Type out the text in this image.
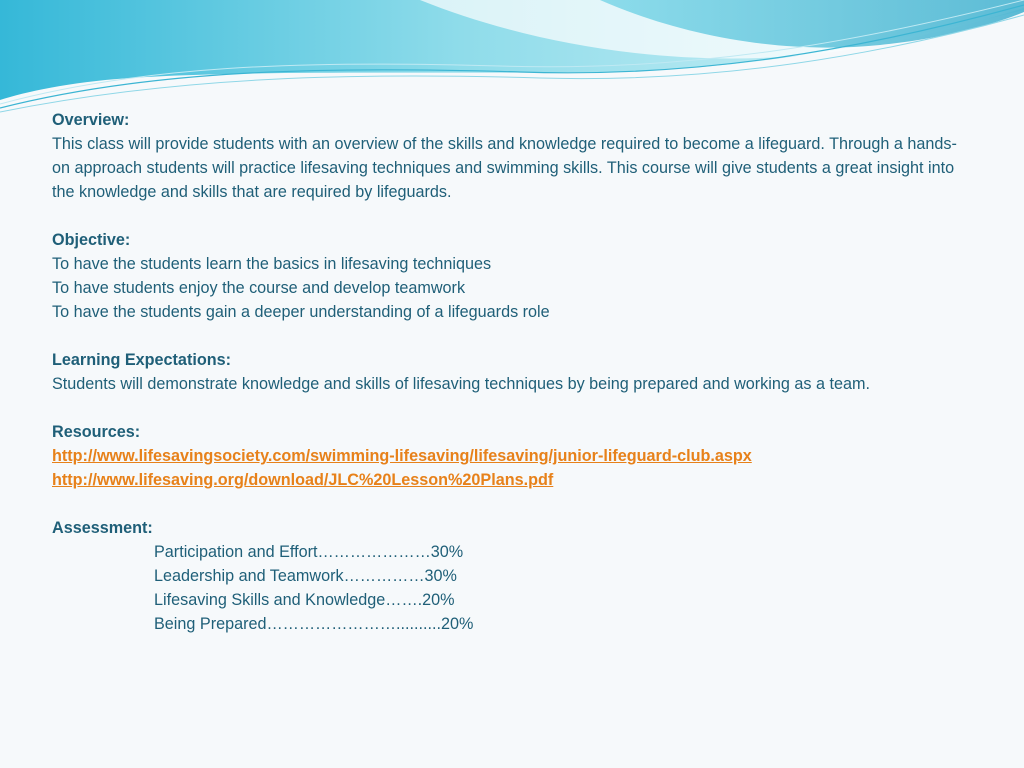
Overview:
This class will provide students with an overview of the skills and knowledge required to become a lifeguard. Through a hands-on approach students will practice lifesaving techniques and swimming skills. This course will give students a great insight into the knowledge and skills that are required by lifeguards.
Objective:
To have the students learn the basics in lifesaving techniques
To have students enjoy the course and develop teamwork
To have the students gain a deeper understanding of a lifeguards role
Learning Expectations:
Students will demonstrate knowledge and skills of lifesaving techniques by being prepared and working as a team.
Resources:
http://www.lifesavingsociety.com/swimming-lifesaving/lifesaving/junior-lifeguard-club.aspx
http://www.lifesaving.org/download/JLC%20Lesson%20Plans.pdf
Assessment:
Participation and Effort…………………30%
Leadership and Teamwork……………30%
Lifesaving Skills and Knowledge…….20%
Being Prepared……………………..........20%
